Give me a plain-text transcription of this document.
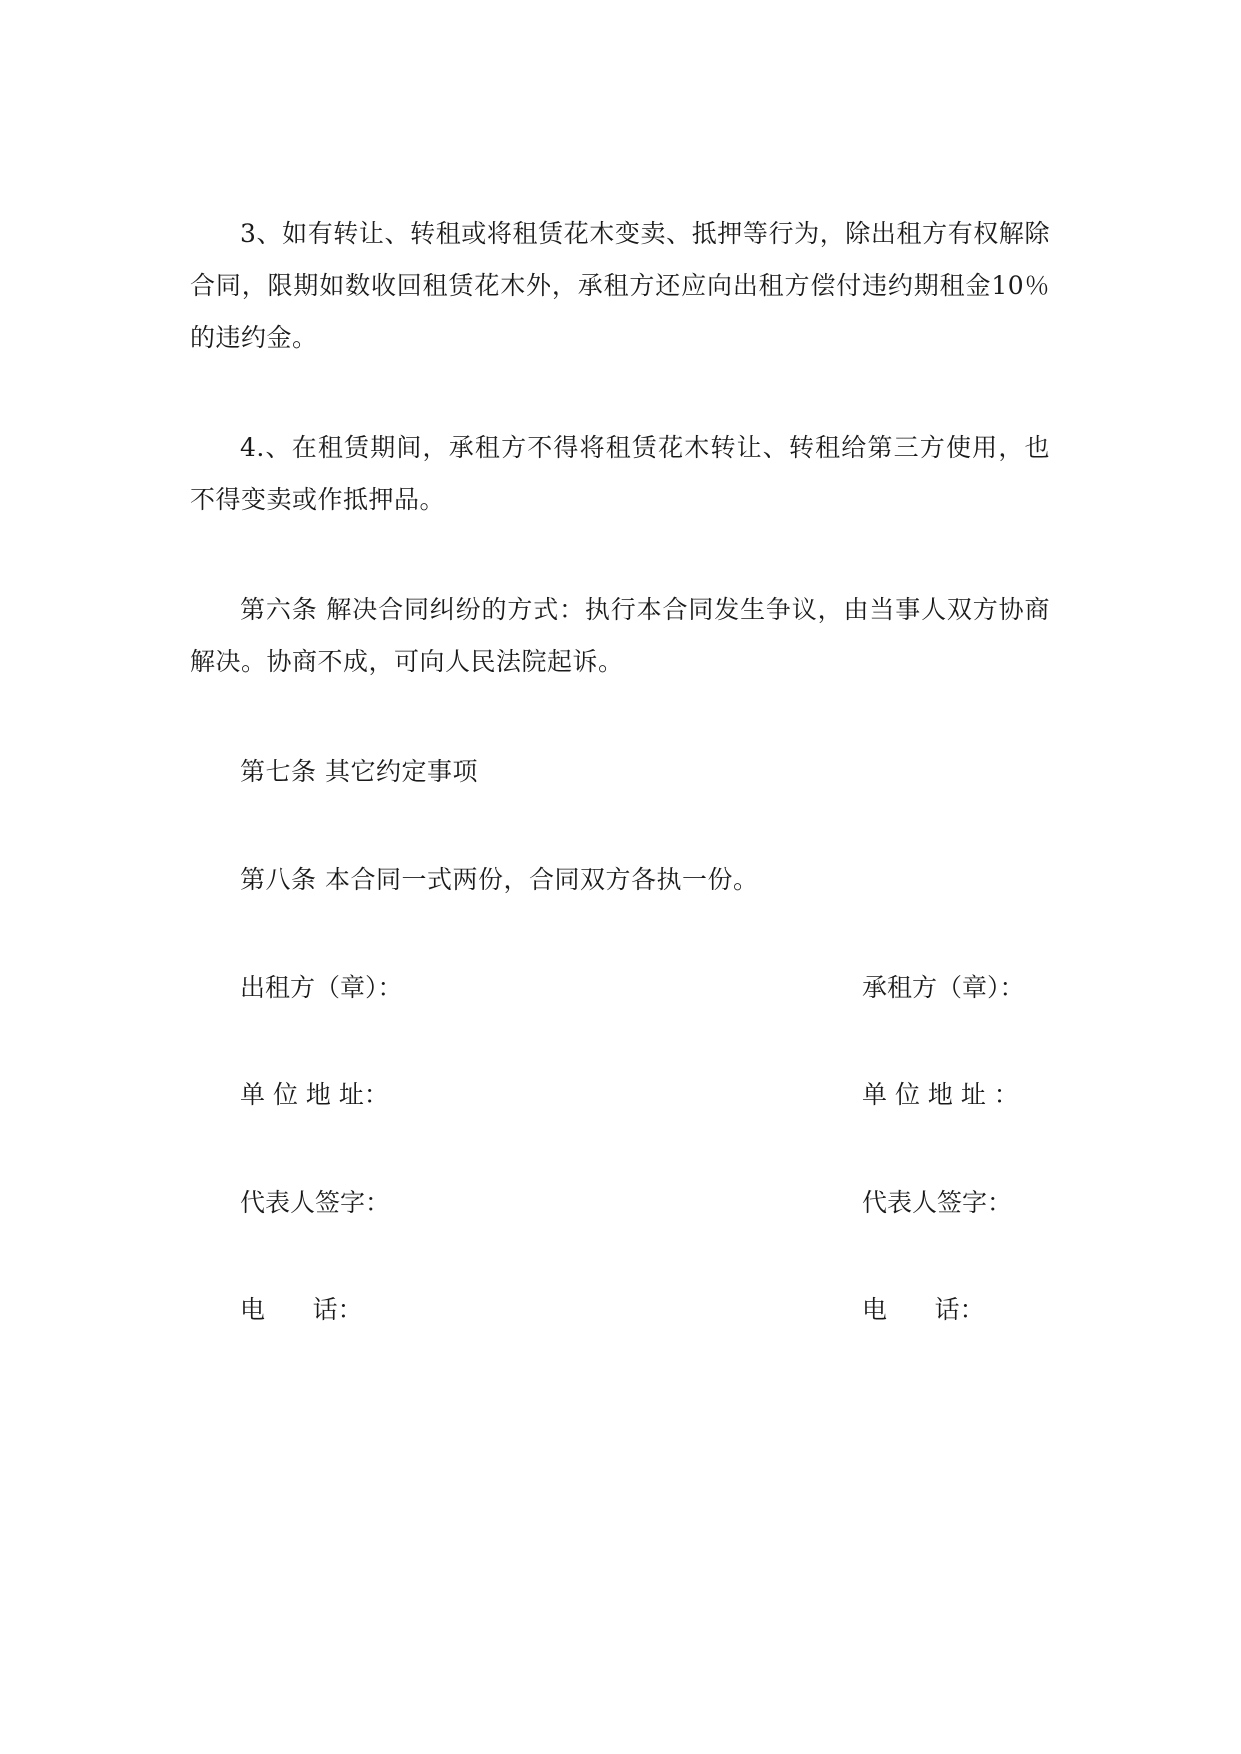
3、如有转让、转租或将租赁花木变卖、抵押等行为，除出租方有权解除合同，限期如数收回租赁花木外，承租方还应向出租方偿付违约期租金10％的违约金。

4.、在租赁期间，承租方不得将租赁花木转让、转租给第三方使用，也不得变卖或作抵押品。

第六条 解决合同纠纷的方式：执行本合同发生争议，由当事人双方协商解决。协商不成，可向人民法院起诉。

第七条 其它约定事项

第八条 本合同一式两份，合同双方各执一份。

出租方（章）：	承租方（章）：
单 位 地 址：	单 位 地 址 ：
代表人签字：	代表人签字：
电      话：	电      话：
